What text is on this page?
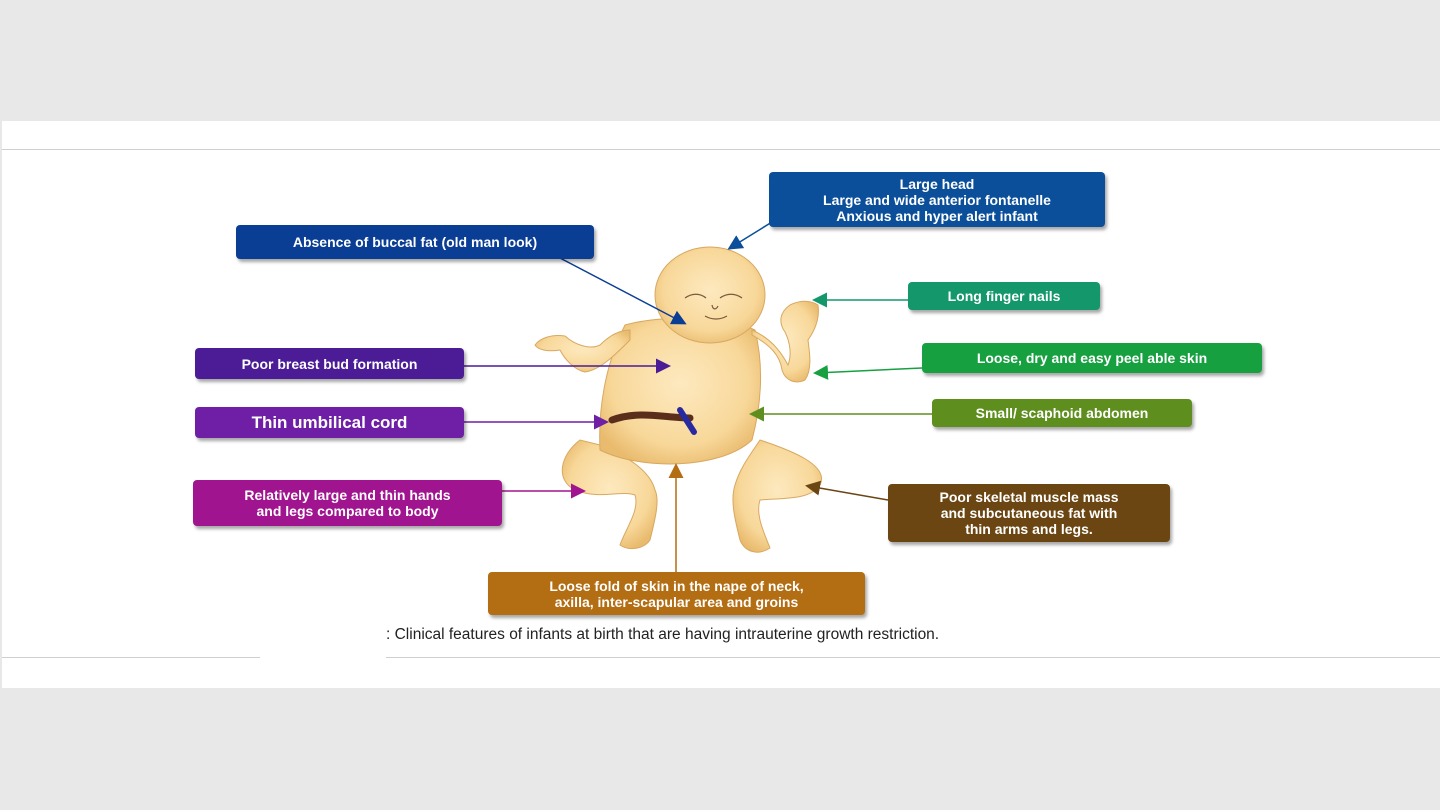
Large head
Large and wide anterior fontanelle
Anxious and hyper alert infant
Absence of buccal fat (old man look)
Long finger nails
Loose, dry and easy peel able skin
Small/ scaphoid abdomen
Poor breast bud formation
Thin umbilical cord
Relatively large and thin hands
and legs compared to body
Poor skeletal muscle mass
and subcutaneous fat with
thin arms and legs.
Loose fold of skin in the nape of neck,
axilla, inter-scapular area and groins
: Clinical features of infants at birth that are having intrauterine growth restriction.
